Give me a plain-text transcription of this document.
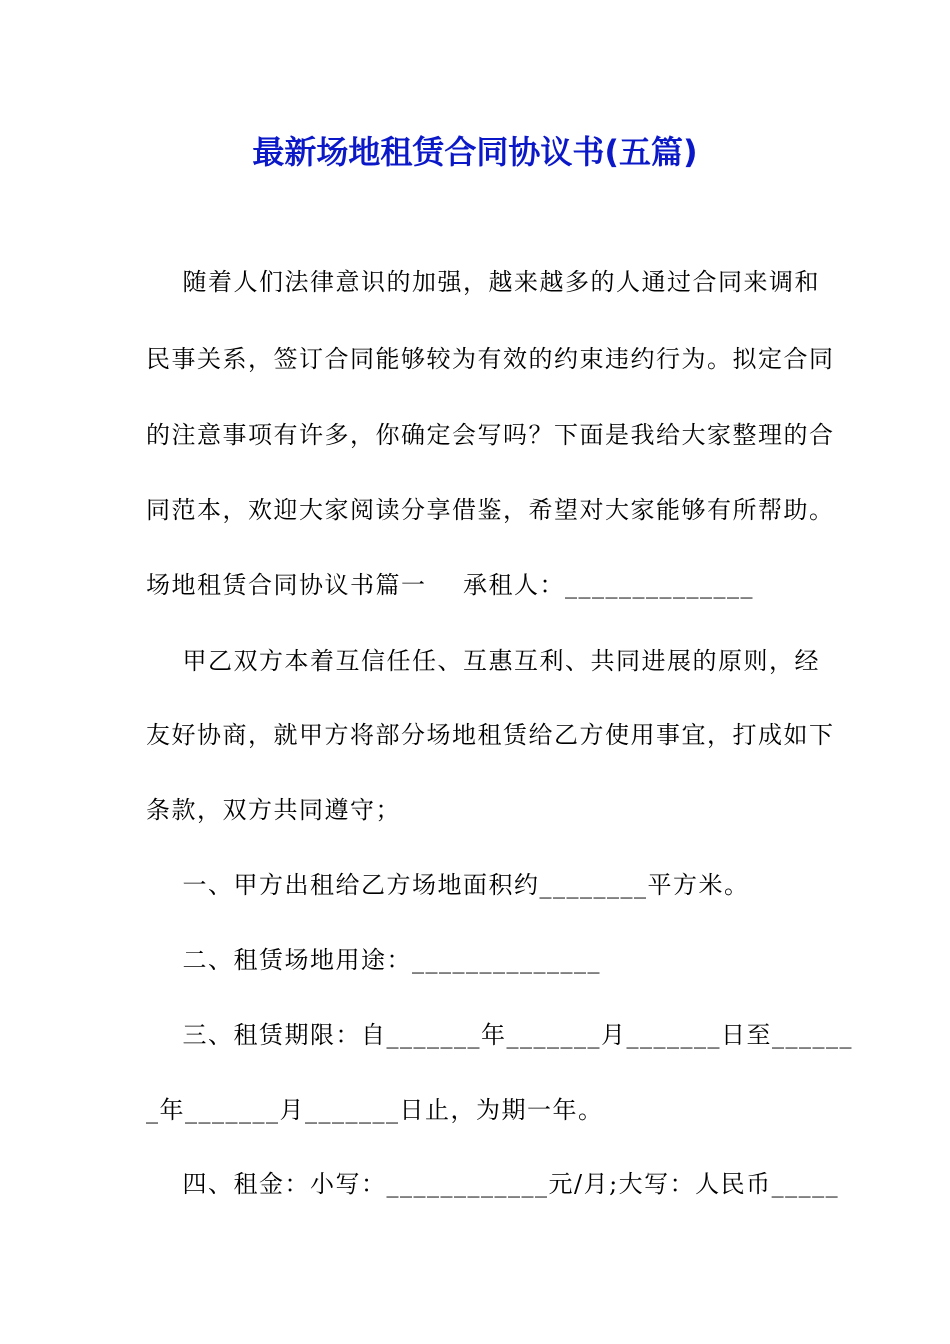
最新场地租赁合同协议书(五篇)
随着人们法律意识的加强，越来越多的人通过合同来调和
民事关系，签订合同能够较为有效的约束违约行为。拟定合同
的注意事项有许多，你确定会写吗？下面是我给大家整理的合
同范本，欢迎大家阅读分享借鉴，希望对大家能够有所帮助。
场地租赁合同协议书篇一    承租人：______________
甲乙双方本着互信任任、互惠互利、共同进展的原则，经
友好协商，就甲方将部分场地租赁给乙方使用事宜，打成如下
条款，双方共同遵守；
一、甲方出租给乙方场地面积约________平方米。
二、租赁场地用途：______________
三、租赁期限：自_______年_______月_______日至______
_年_______月_______日止，为期一年。
四、租金：小写：____________元/月;大写：人民币_____
